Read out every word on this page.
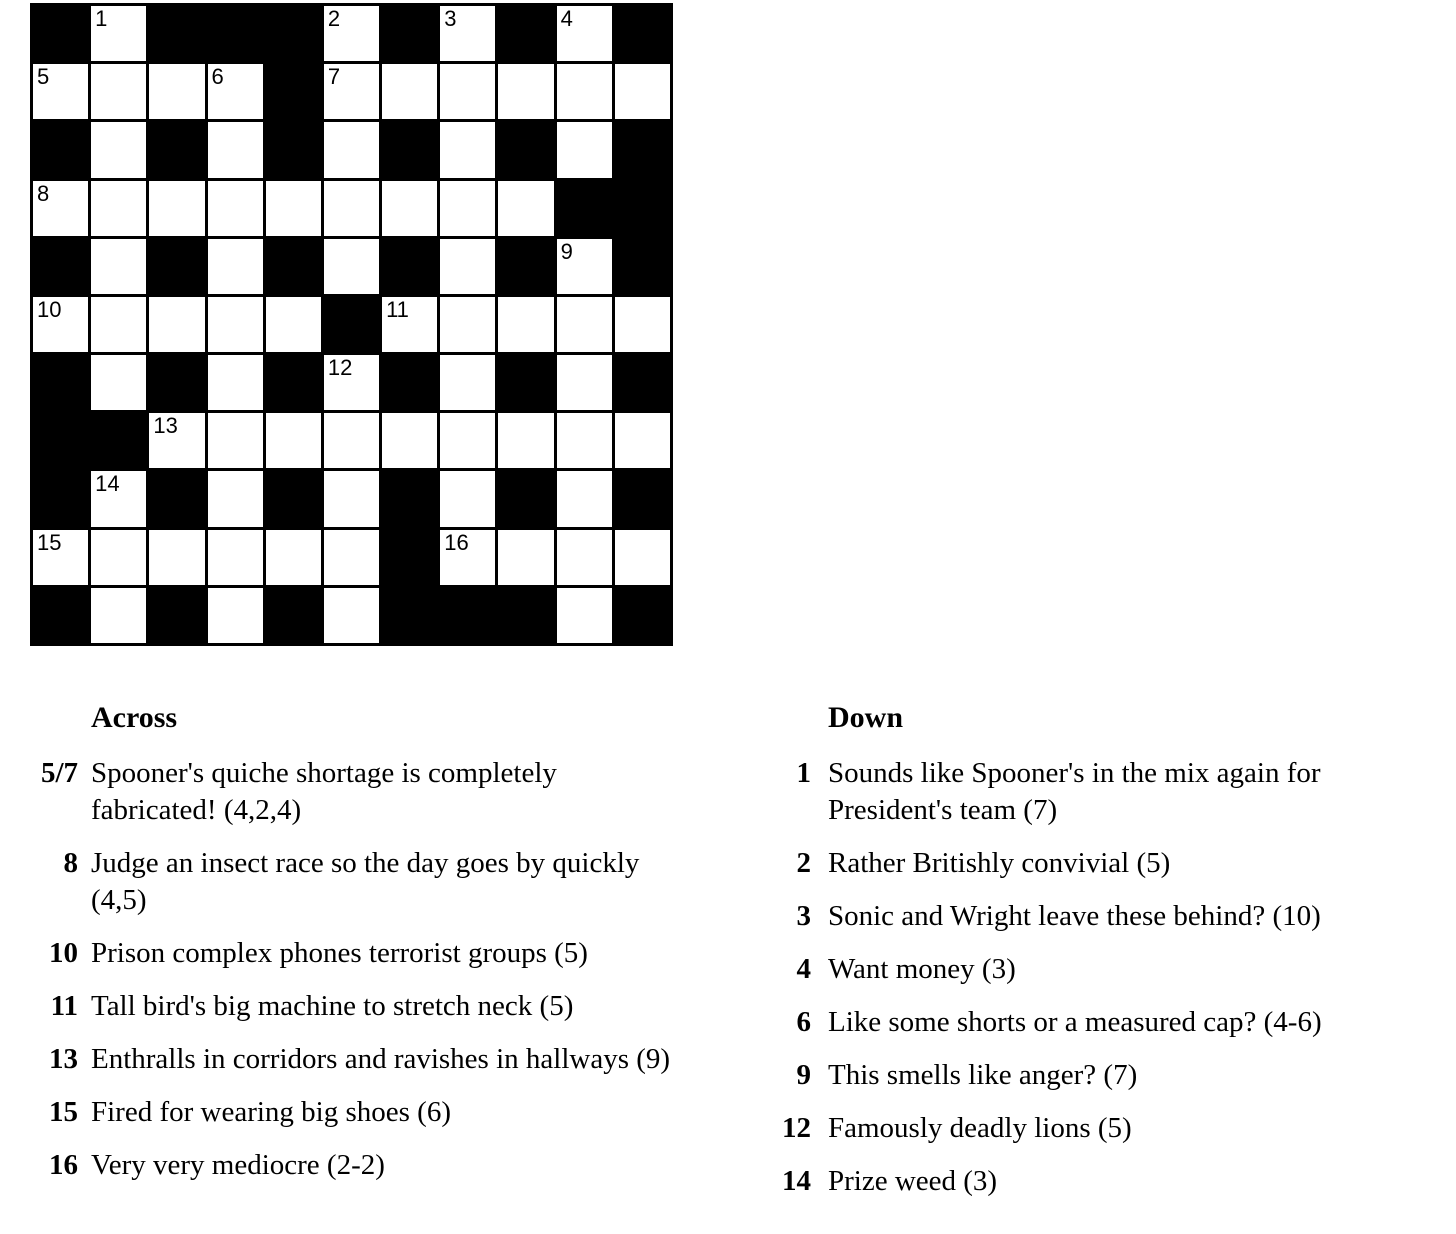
1	2	3	4
5	6	7
8
9
10	11
12
13
14
15	16
Across
5/7 Spooner's quiche shortage is completely fabricated! (4,2,4)
8 Judge an insect race so the day goes by quickly (4,5)
10 Prison complex phones terrorist groups (5)
11 Tall bird's big machine to stretch neck (5)
13 Enthralls in corridors and ravishes in hallways (9)
15 Fired for wearing big shoes (6)
16 Very very mediocre (2-2)
Down
1 Sounds like Spooner's in the mix again for President's team (7)
2 Rather Britishly convivial (5)
3 Sonic and Wright leave these behind? (10)
4 Want money (3)
6 Like some shorts or a measured cap? (4-6)
9 This smells like anger? (7)
12 Famously deadly lions (5)
14 Prize weed (3)
